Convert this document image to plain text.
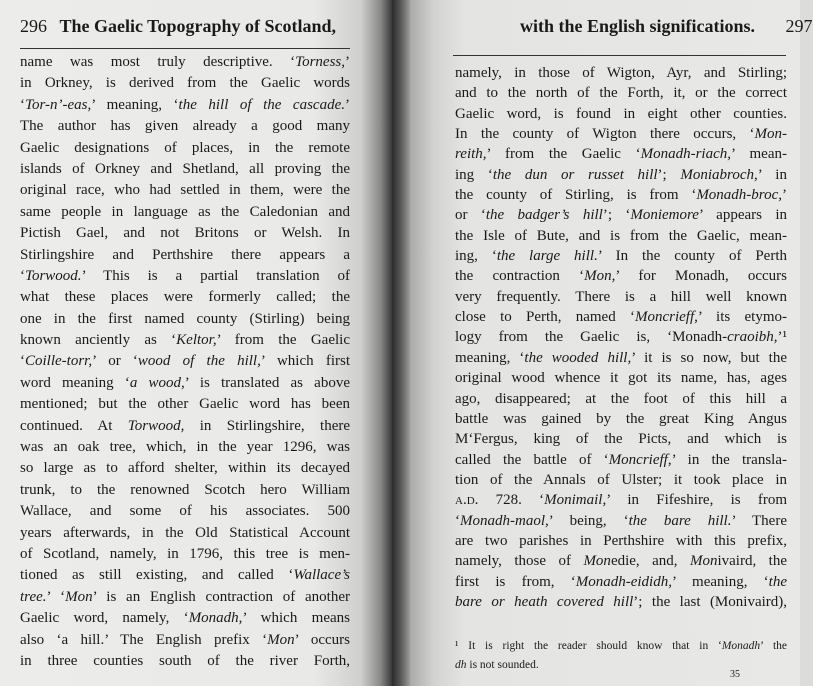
296 The Gaelic Topography of Scotland,
name was most truly descriptive. ‘Torness,’
in Orkney, is derived from the Gaelic words
‘Tor-n’-eas,’ meaning, ‘the hill of the cascade.’
The author has given already a good many
Gaelic designations of places, in the remote
islands of Orkney and Shetland, all proving the
original race, who had settled in them, were the
same people in language as the Caledonian and
Pictish Gael, and not Britons or Welsh. In
Stirlingshire and Perthshire there appears a
‘Torwood.’ This is a partial translation of
what these places were formerly called; the
one in the first named county (Stirling) being
known anciently as ‘Keltor,’ from the Gaelic
‘Coille-torr,’ or ‘wood of the hill,’ which first
word meaning ‘a wood,’ is translated as above
mentioned; but the other Gaelic word has been
continued. At Torwood, in Stirlingshire, there
was an oak tree, which, in the year 1296, was
so large as to afford shelter, within its decayed
trunk, to the renowned Scotch hero William
Wallace, and some of his associates. 500
years afterwards, in the Old Statistical Account
of Scotland, namely, in 1796, this tree is men-
tioned as still existing, and called ‘Wallace’s
tree.’ ‘Mon’ is an English contraction of another
Gaelic word, namely, ‘Monadh,’ which means
also ‘a hill.’ The English prefix ‘Mon’ occurs
in three counties south of the river Forth,
with the English significations. 297
namely, in those of Wigton, Ayr, and Stirling;
and to the north of the Forth, it, or the correct
Gaelic word, is found in eight other counties.
In the county of Wigton there occurs, ‘Mon-
reith,’ from the Gaelic ‘Monadh-riach,’ mean-
ing ‘the dun or russet hill’; Moniabroch,’ in
the county of Stirling, is from ‘Monadh-broc,’
or ‘the badger’s hill’; ‘Moniemore’ appears in
the Isle of Bute, and is from the Gaelic, mean-
ing, ‘the large hill.’ In the county of Perth
the contraction ‘Mon,’ for Monadh, occurs
very frequently. There is a hill well known
close to Perth, named ‘Moncrieff,’ its etymo-
logy from the Gaelic is, ‘Monadh-craoibh,’¹
meaning, ‘the wooded hill,’ it is so now, but the
original wood whence it got its name, has, ages
ago, disappeared; at the foot of this hill a
battle was gained by the great King Angus
M‘Fergus, king of the Picts, and which is
called the battle of ‘Moncrieff,’ in the transla-
tion of the Annals of Ulster; it took place in
a.d. 728. ‘Monimail,’ in Fifeshire, is from
‘Monadh-maol,’ being, ‘the bare hill.’ There
are two parishes in Perthshire with this prefix,
namely, those of Monedie, and, Monivaird, the
first is from, ‘Monadh-eididh,’ meaning, ‘the
bare or heath covered hill’; the last (Monivaird),
¹ It is right the reader should know that in ‘Monadh’ the
dh is not sounded.
35
